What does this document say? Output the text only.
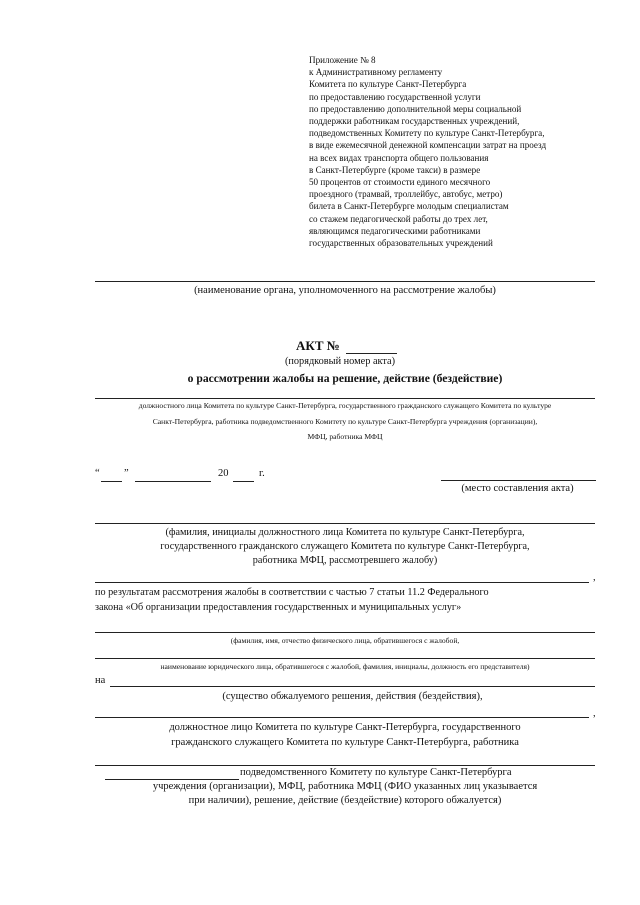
Приложение № 8
к Административному регламенту
Комитета по культуре Санкт-Петербурга
по предоставлению государственной услуги
по предоставлению дополнительной меры социальной
поддержки работникам государственных учреждений,
подведомственных Комитету по культуре Санкт-Петербурга,
в виде ежемесячной денежной компенсации затрат на проезд
на всех видах транспорта общего пользования
в Санкт-Петербурге (кроме такси) в размере
50 процентов от стоимости единого месячного
проездного (трамвай, троллейбус, автобус, метро)
билета в Санкт-Петербурге молодым специалистам
со стажем педагогической работы до трех лет,
являющимся педагогическими работниками
государственных образовательных учреждений
(наименование органа, уполномоченного на рассмотрение жалобы)
АКТ №
(порядковый номер акта)
о рассмотрении жалобы на решение, действие (бездействие)
должностного лица Комитета по культуре Санкт-Петербурга, государственного гражданского служащего Комитета по культуре
Санкт-Петербурга, работника подведомственного Комитету по культуре Санкт-Петербурга учреждения (организации),
МФЦ, работника МФЦ
“ ”	20	г.
(место составления акта)
(фамилия, инициалы должностного лица Комитета по культуре Санкт-Петербурга,
государственного гражданского служащего Комитета по культуре Санкт-Петербурга,
работника МФЦ, рассмотревшего жалобу)
,
по результатам рассмотрения жалобы в соответствии с частью 7 статьи 11.2 Федерального
закона «Об организации предоставления государственных и муниципальных услуг»
(фамилия, имя, отчество физического лица, обратившегося с жалобой,
наименование юридического лица, обратившегося с жалобой, фамилия, инициалы, должность его представителя)
на
(существо обжалуемого решения, действия (бездействия),
,
должностное лицо Комитета по культуре Санкт-Петербурга, государственного
гражданского служащего Комитета по культуре Санкт-Петербурга, работника
подведомственного Комитету по культуре Санкт-Петербурга
учреждения (организации), МФЦ, работника МФЦ (ФИО указанных лиц указывается
при наличии), решение, действие (бездействие) которого обжалуется)
